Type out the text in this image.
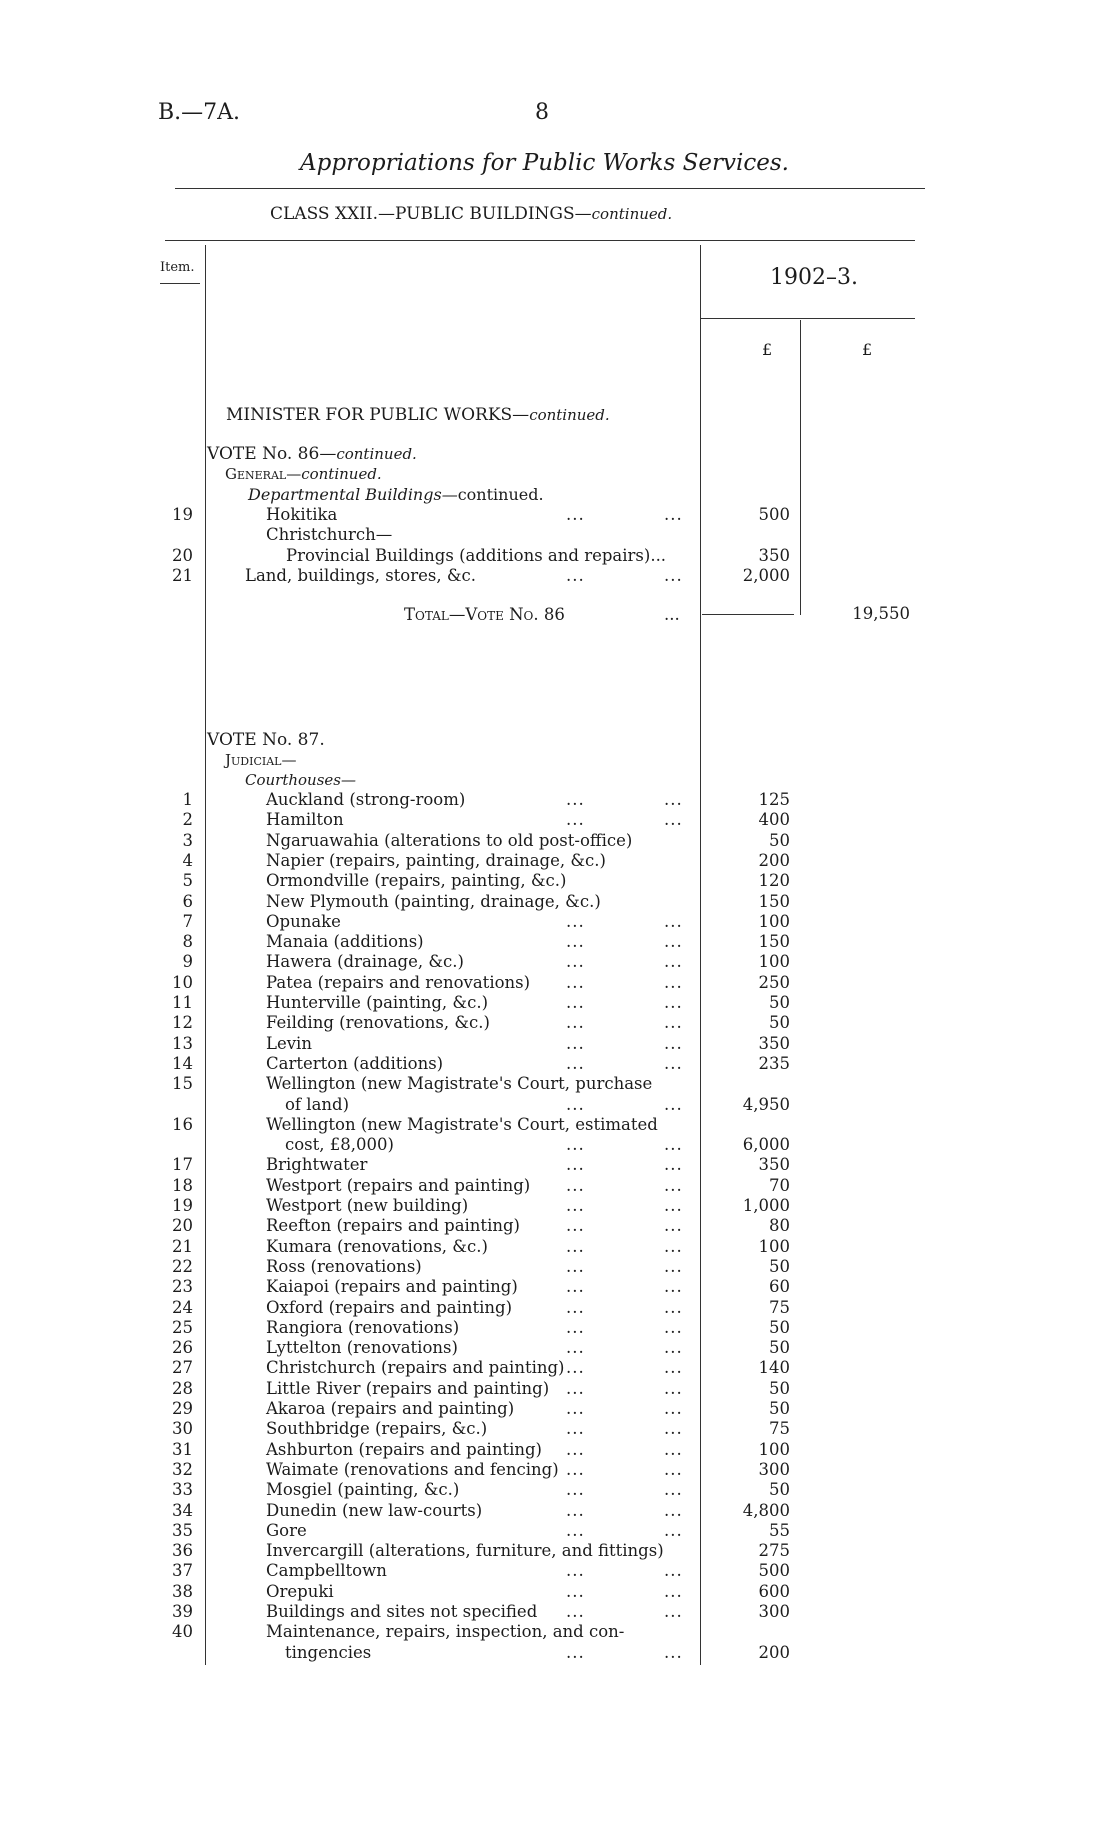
B.—7A.	8
Appropriations for Public Works Services.
CLASS XXII.—PUBLIC BUILDINGS—continued.
Item.	1902–3.
£	£
MINISTER FOR PUBLIC WORKS—continued.
VOTE No. 86—continued.
General—continued.
Departmental Buildings—continued.
19	Hokitika	...	...	500
Christchurch—
20	Provincial Buildings (additions and repairs)...	350
21	Land, buildings, stores, &c.	...	...	2,000
Total—Vote No. 86	...	19,550
VOTE No. 87.
Judicial—
Courthouses—
1	Auckland (strong-room)	...	...	125
2	Hamilton	...	...	400
3	Ngaruawahia (alterations to old post-office)	50
4	Napier (repairs, painting, drainage, &c.)	200
5	Ormondville (repairs, painting, &c.)	120
6	New Plymouth (painting, drainage, &c.)	150
7	Opunake	...	...	100
8	Manaia (additions)	...	...	150
9	Hawera (drainage, &c.)	...	...	100
10	Patea (repairs and renovations) ...	...	250
11	Hunterville (painting, &c.)	...	...	50
12	Feilding (renovations, &c.)	...	...	50
13	Levin	...	...	350
14	Carterton (additions)	...	...	235
15	Wellington (new Magistrate's Court, purchase
of land)	...	...	4,950
16	Wellington (new Magistrate's Court, estimated
cost, £8,000)	...	...	6,000
17	Brightwater	...	...	350
18	Westport (repairs and painting) ...	...	70
19	Westport (new building)	...	...	1,000
20	Reefton (repairs and painting)	...	...	80
21	Kumara (renovations, &c.)	...	...	100
22	Ross (renovations)	...	...	50
23	Kaiapoi (repairs and painting)	...	...	60
24	Oxford (repairs and painting)	...	...	75
25	Rangiora (renovations)	...	...	50
26	Lyttelton (renovations)	...	...	50
27	Christchurch (repairs and painting) ...	...	140
28	Little River (repairs and painting) ...	...	50
29	Akaroa (repairs and painting)	...	...	50
30	Southbridge (repairs, &c.)	...	...	75
31	Ashburton (repairs and painting) ...	...	100
32	Waimate (renovations and fencing) ...	...	300
33	Mosgiel (painting, &c.)	...	...	50
34	Dunedin (new law-courts)	...	...	4,800
35	Gore	...	...	55
36	Invercargill (alterations, furniture, and fittings)	275
37	Campbelltown	...	...	500
38	Orepuki	...	...	600
39	Buildings and sites not specified ...	...	300
40	Maintenance, repairs, inspection, and con-
tingencies	...	...	200
